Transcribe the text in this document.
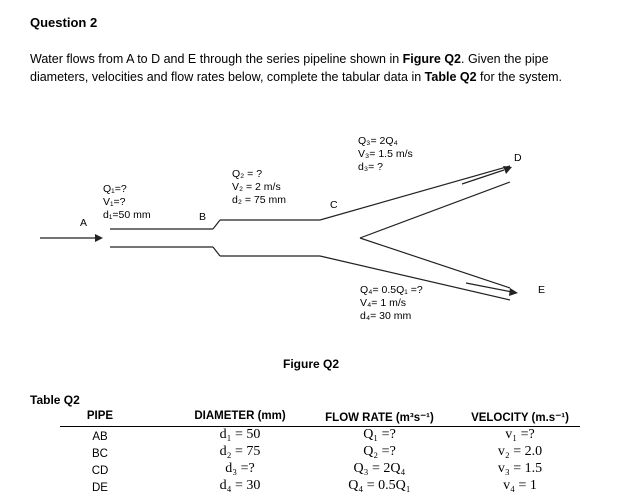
Question 2
Water flows from A to D and E through the series pipeline shown in Figure Q2. Given the pipe diameters, velocities and flow rates below, complete the tabular data in Table Q2 for the system.
A	B
C
D
E
Q₁=?
V₁=?
d₁=50 mm
Q₂ = ?
V₂ = 2 m/s
d₂ = 75 mm
Q₃= 2Q₄
V₃= 1.5 m/s
d₃= ?
Q₄= 0.5Q₁ =?
V₄= 1 m/s
d₄= 30 mm
Figure Q2
Table Q2
PIPE	DIAMETER (mm)	FLOW RATE (m³s⁻¹)	VELOCITY (m.s⁻¹)
AB	d₁ = 50	Q₁ =?	v₁ =?
BC	d₂ = 75	Q₂ =?	v₂ = 2.0
CD	d₃ =?	Q₃ = 2Q₄	v₃ = 1.5
DE	d₄ = 30	Q₄ = 0.5Q₁	v₄ = 1
